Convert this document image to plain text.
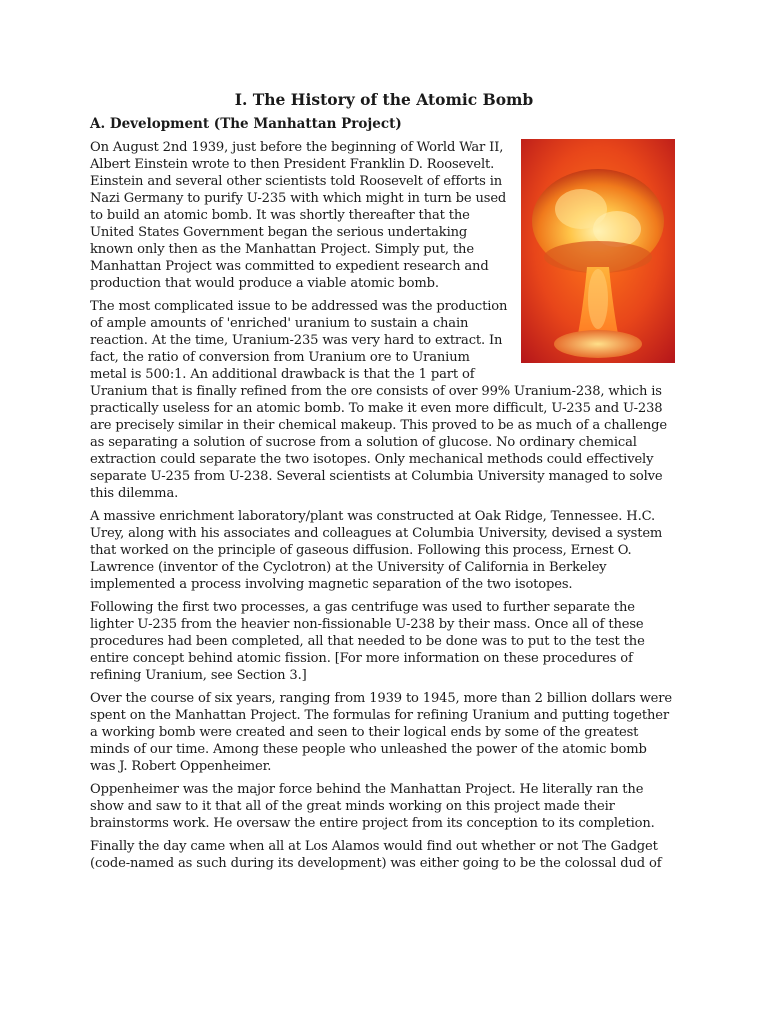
I. The History of the Atomic Bomb
A. Development (The Manhattan Project)

On August 2nd 1939, just before the beginning of World War II, Albert Einstein wrote to then President Franklin D. Roosevelt. Einstein and several other scientists told Roosevelt of efforts in Nazi Germany to purify U-235 with which might in turn be used to build an atomic bomb. It was shortly thereafter that the United States Government began the serious undertaking known only then as the Manhattan Project. Simply put, the Manhattan Project was committed to expedient research and production that would produce a viable atomic bomb.

The most complicated issue to be addressed was the production of ample amounts of 'enriched' uranium to sustain a chain reaction. At the time, Uranium-235 was very hard to extract. In fact, the ratio of conversion from Uranium ore to Uranium metal is 500:1. An additional drawback is that the 1 part of Uranium that is finally refined from the ore consists of over 99% Uranium-238, which is practically useless for an atomic bomb. To make it even more difficult, U-235 and U-238 are precisely similar in their chemical makeup. This proved to be as much of a challenge as separating a solution of sucrose from a solution of glucose. No ordinary chemical extraction could separate the two isotopes. Only mechanical methods could effectively separate U-235 from U-238. Several scientists at Columbia University managed to solve this dilemma.

A massive enrichment laboratory/plant was constructed at Oak Ridge, Tennessee. H.C. Urey, along with his associates and colleagues at Columbia University, devised a system that worked on the principle of gaseous diffusion. Following this process, Ernest O. Lawrence (inventor of the Cyclotron) at the University of California in Berkeley implemented a process involving magnetic separation of the two isotopes.

Following the first two processes, a gas centrifuge was used to further separate the lighter U-235 from the heavier non-fissionable U-238 by their mass. Once all of these procedures had been completed, all that needed to be done was to put to the test the entire concept behind atomic fission. [For more information on these procedures of refining Uranium, see Section 3.]

Over the course of six years, ranging from 1939 to 1945, more than 2 billion dollars were spent on the Manhattan Project. The formulas for refining Uranium and putting together a working bomb were created and seen to their logical ends by some of the greatest minds of our time. Among these people who unleashed the power of the atomic bomb was J. Robert Oppenheimer.

Oppenheimer was the major force behind the Manhattan Project. He literally ran the show and saw to it that all of the great minds working on this project made their brainstorms work. He oversaw the entire project from its conception to its completion.

Finally the day came when all at Los Alamos would find out whether or not The Gadget (code-named as such during its development) was either going to be the colossal dud of
